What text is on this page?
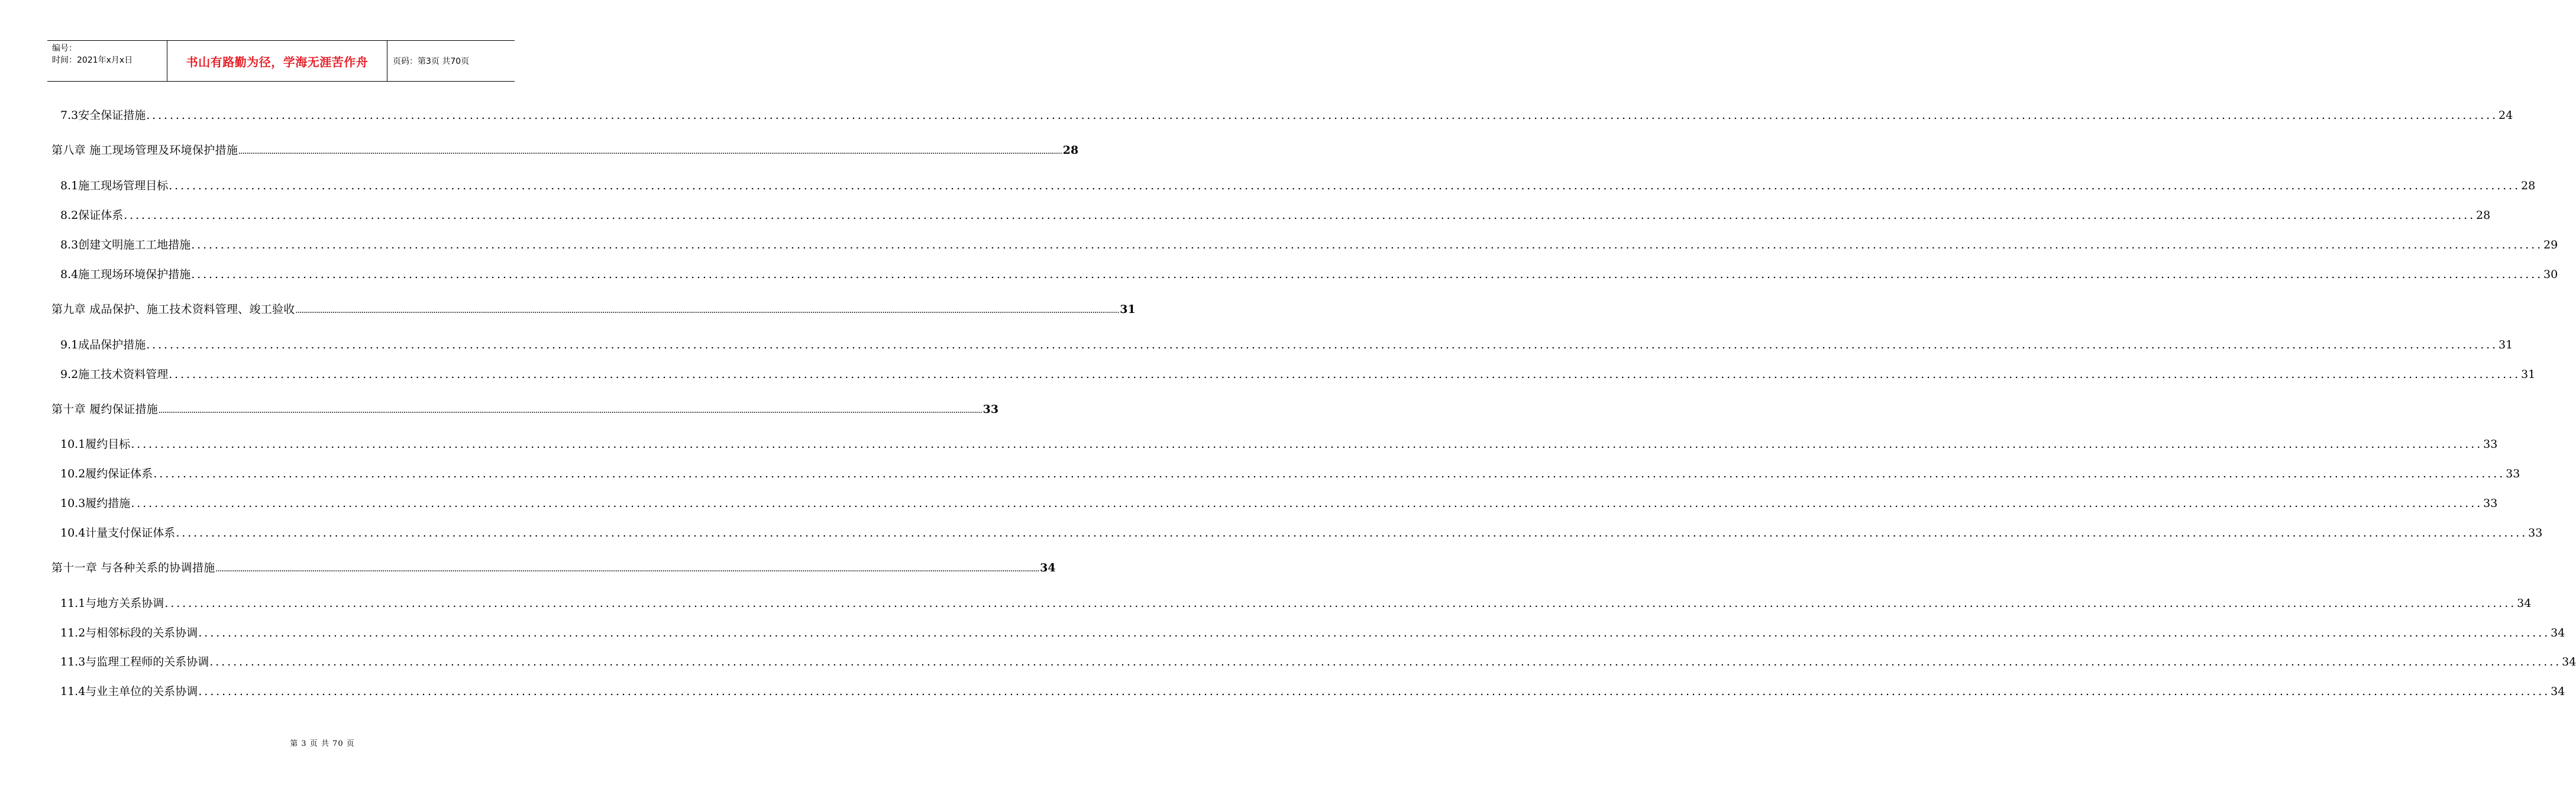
编号：
时间：2021年x月x日	书山有路勤为径，学海无涯苦作舟	页码：第3页 共70页
7.3安全保证措施 ................................................................................................................................................................................................................................................................................................................................................................................................................ 24
第八章 施工现场管理及环境保护措施 ................................................................................................................................................................................................................................................................................................................................................................................................................ 28
8.1施工现场管理目标 ................................................................................................................................................................................................................................................................................................................................................................................................................ 28
8.2保证体系 ................................................................................................................................................................................................................................................................................................................................................................................................................ 28
8.3创建文明施工工地措施 ................................................................................................................................................................................................................................................................................................................................................................................................................ 29
8.4施工现场环境保护措施 ................................................................................................................................................................................................................................................................................................................................................................................................................ 30
第九章 成品保护、施工技术资料管理、竣工验收 ................................................................................................................................................................................................................................................................................................................................................................................................................ 31
9.1成品保护措施 ................................................................................................................................................................................................................................................................................................................................................................................................................ 31
9.2施工技术资料管理 ................................................................................................................................................................................................................................................................................................................................................................................................................ 31
第十章 履约保证措施 ................................................................................................................................................................................................................................................................................................................................................................................................................ 33
10.1履约目标 ................................................................................................................................................................................................................................................................................................................................................................................................................ 33
10.2履约保证体系 ................................................................................................................................................................................................................................................................................................................................................................................................................ 33
10.3履约措施 ................................................................................................................................................................................................................................................................................................................................................................................................................ 33
10.4计量支付保证体系 ................................................................................................................................................................................................................................................................................................................................................................................................................ 33
第十一章 与各种关系的协调措施 ................................................................................................................................................................................................................................................................................................................................................................................................................ 34
11.1与地方关系协调 ................................................................................................................................................................................................................................................................................................................................................................................................................ 34
11.2与相邻标段的关系协调 ................................................................................................................................................................................................................................................................................................................................................................................................................ 34
11.3与监理工程师的关系协调 ................................................................................................................................................................................................................................................................................................................................................................................................................ 34
11.4与业主单位的关系协调 ................................................................................................................................................................................................................................................................................................................................................................................................................ 34
第 3 页 共 70 页
